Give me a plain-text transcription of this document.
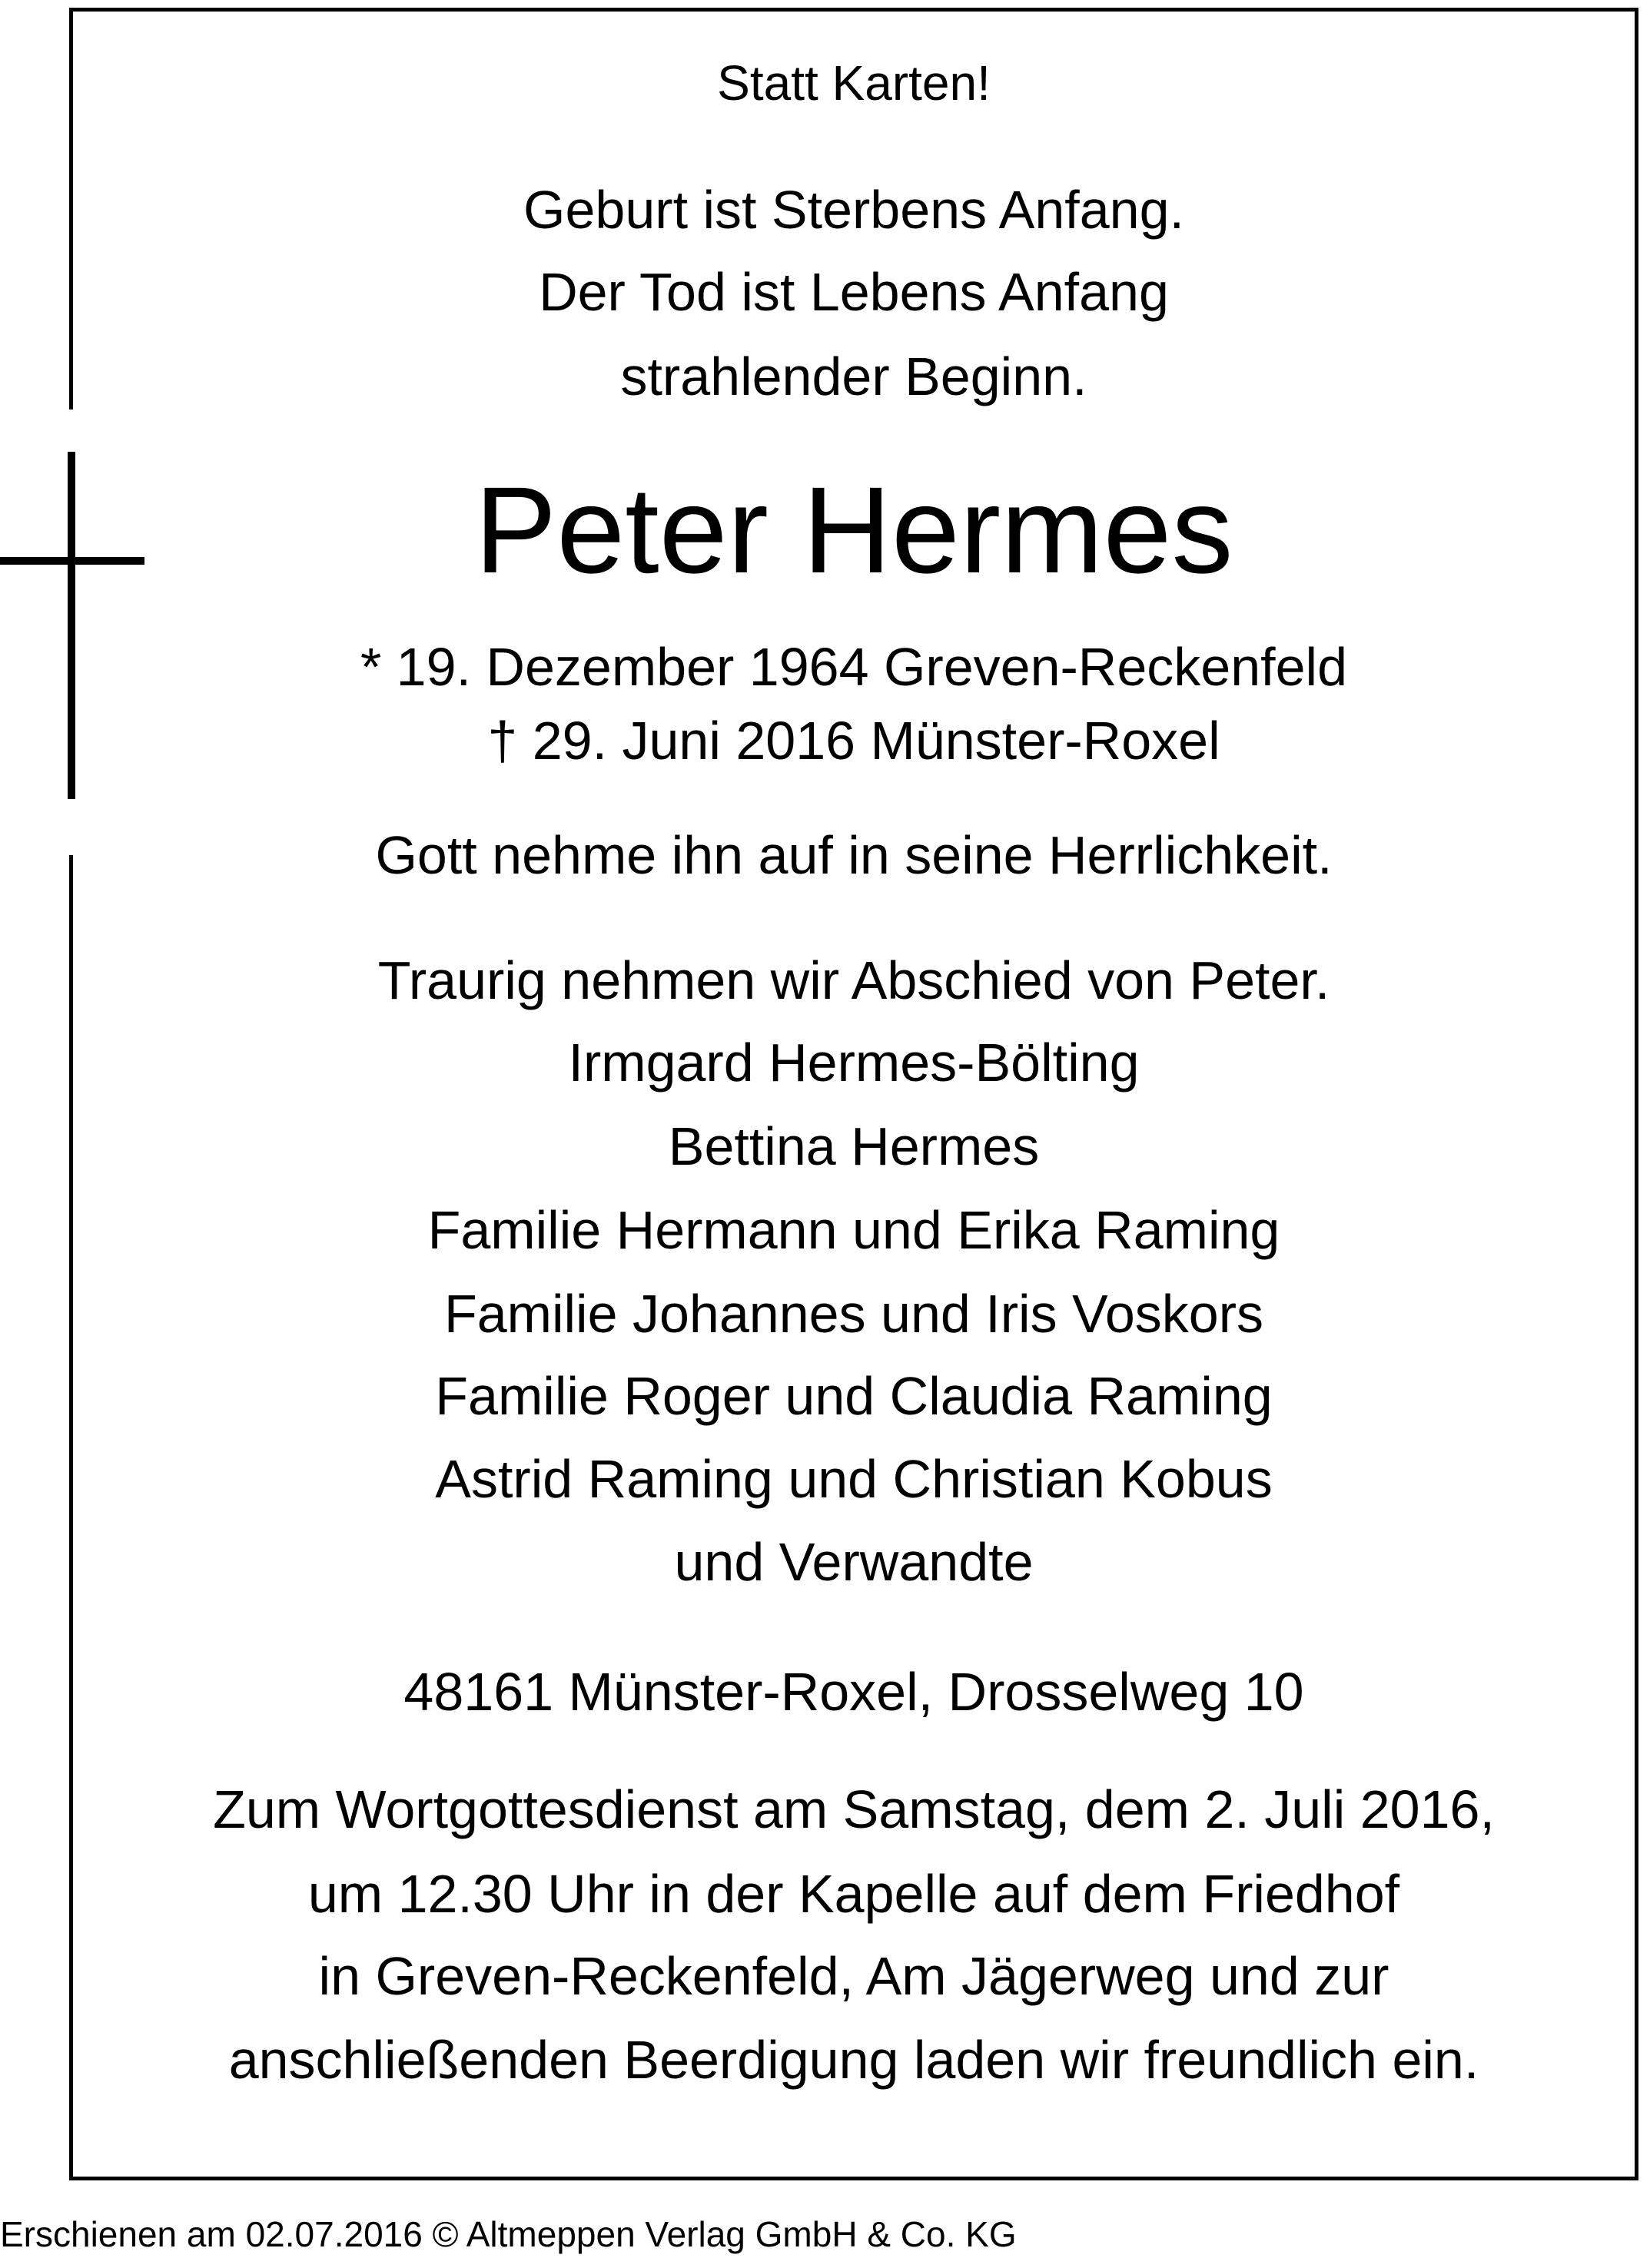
Statt Karten!
Geburt ist Sterbens Anfang.
Der Tod ist Lebens Anfang
strahlender Beginn.
Peter Hermes
* 19. Dezember 1964 Greven-Reckenfeld
† 29. Juni 2016 Münster-Roxel
Gott nehme ihn auf in seine Herrlichkeit.
Traurig nehmen wir Abschied von Peter.
Irmgard Hermes-Bölting
Bettina Hermes
Familie Hermann und Erika Raming
Familie Johannes und Iris Voskors
Familie Roger und Claudia Raming
Astrid Raming und Christian Kobus
und Verwandte
48161 Münster-Roxel, Drosselweg 10
Zum Wortgottesdienst am Samstag, dem 2. Juli 2016,
um 12.30 Uhr in der Kapelle auf dem Friedhof
in Greven-Reckenfeld, Am Jägerweg und zur
anschließenden Beerdigung laden wir freundlich ein.
Erschienen am 02.07.2016 © Altmeppen Verlag GmbH & Co. KG
